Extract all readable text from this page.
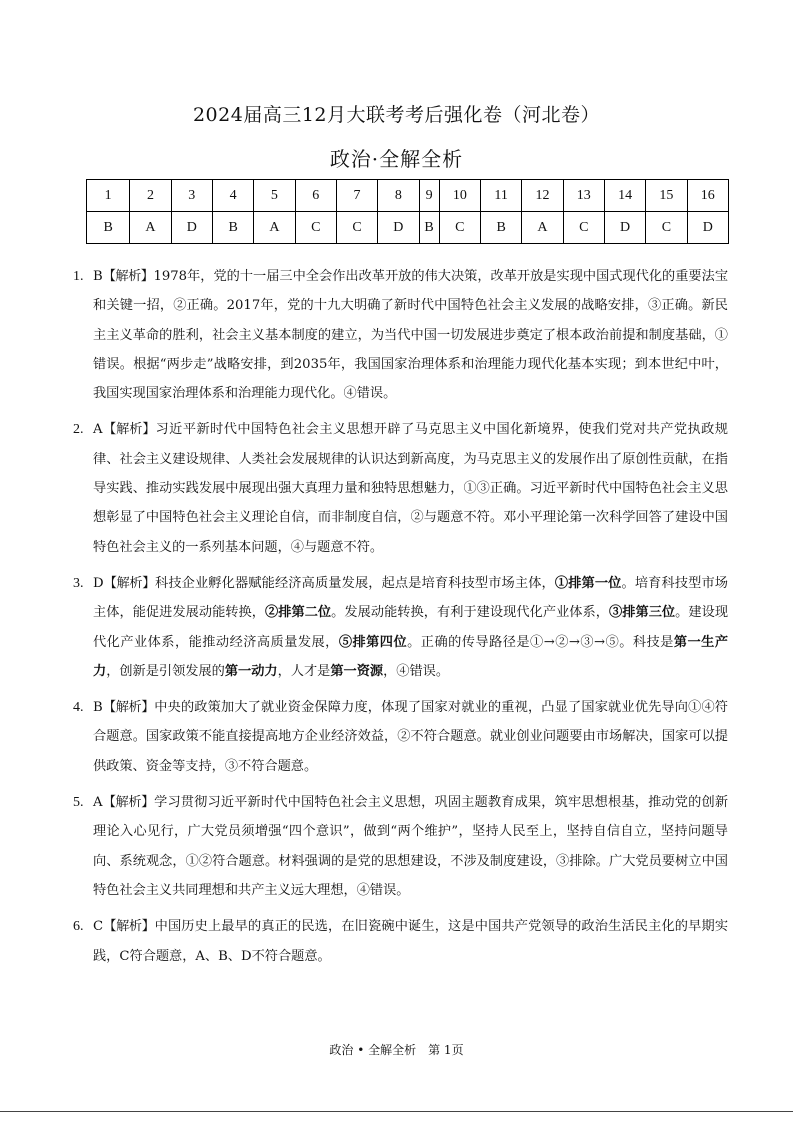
2024届高三12月大联考考后强化卷（河北卷）
政治·全解全析
1	2	3	4	5	6	7	8	9	10	11	12	13	14	15	16
B	A	D	B	A	C	C	D	B	C	B	A	C	D	C	D
1. B【解析】1978年，党的十一届三中全会作出改革开放的伟大决策，改革开放是实现中国式现代化的重要法宝和关键一招，②正确。2017年，党的十九大明确了新时代中国特色社会主义发展的战略安排，③正确。新民主主义革命的胜利，社会主义基本制度的建立，为当代中国一切发展进步奠定了根本政治前提和制度基础，①错误。根据“两步走”战略安排，到2035年，我国国家治理体系和治理能力现代化基本实现；到本世纪中叶，我国实现国家治理体系和治理能力现代化。④错误。
2. A【解析】习近平新时代中国特色社会主义思想开辟了马克思主义中国化新境界，使我们党对共产党执政规律、社会主义建设规律、人类社会发展规律的认识达到新高度，为马克思主义的发展作出了原创性贡献，在指导实践、推动实践发展中展现出强大真理力量和独特思想魅力，①③正确。习近平新时代中国特色社会主义思想彰显了中国特色社会主义理论自信，而非制度自信，②与题意不符。邓小平理论第一次科学回答了建设中国特色社会主义的一系列基本问题，④与题意不符。
3. D【解析】科技企业孵化器赋能经济高质量发展，起点是培育科技型市场主体，①排第一位。培育科技型市场主体，能促进发展动能转换，②排第二位。发展动能转换，有利于建设现代化产业体系，③排第三位。建设现代化产业体系，能推动经济高质量发展，⑤排第四位。正确的传导路径是①→②→③→⑤。科技是第一生产力，创新是引领发展的第一动力，人才是第一资源，④错误。
4. B【解析】中央的政策加大了就业资金保障力度，体现了国家对就业的重视，凸显了国家就业优先导向①④符合题意。国家政策不能直接提高地方企业经济效益，②不符合题意。就业创业问题要由市场解决，国家可以提供政策、资金等支持，③不符合题意。
5. A【解析】学习贯彻习近平新时代中国特色社会主义思想，巩固主题教育成果，筑牢思想根基，推动党的创新理论入心见行，广大党员须增强“四个意识”，做到“两个维护”，坚持人民至上，坚持自信自立，坚持问题导向、系统观念，①②符合题意。材料强调的是党的思想建设，不涉及制度建设，③排除。广大党员要树立中国特色社会主义共同理想和共产主义远大理想，④错误。
6. C【解析】中国历史上最早的真正的民选，在旧瓷碗中诞生，这是中国共产党领导的政治生活民主化的早期实践，C符合题意，A、B、D不符合题意。
政治 • 全解全析　第 1页
